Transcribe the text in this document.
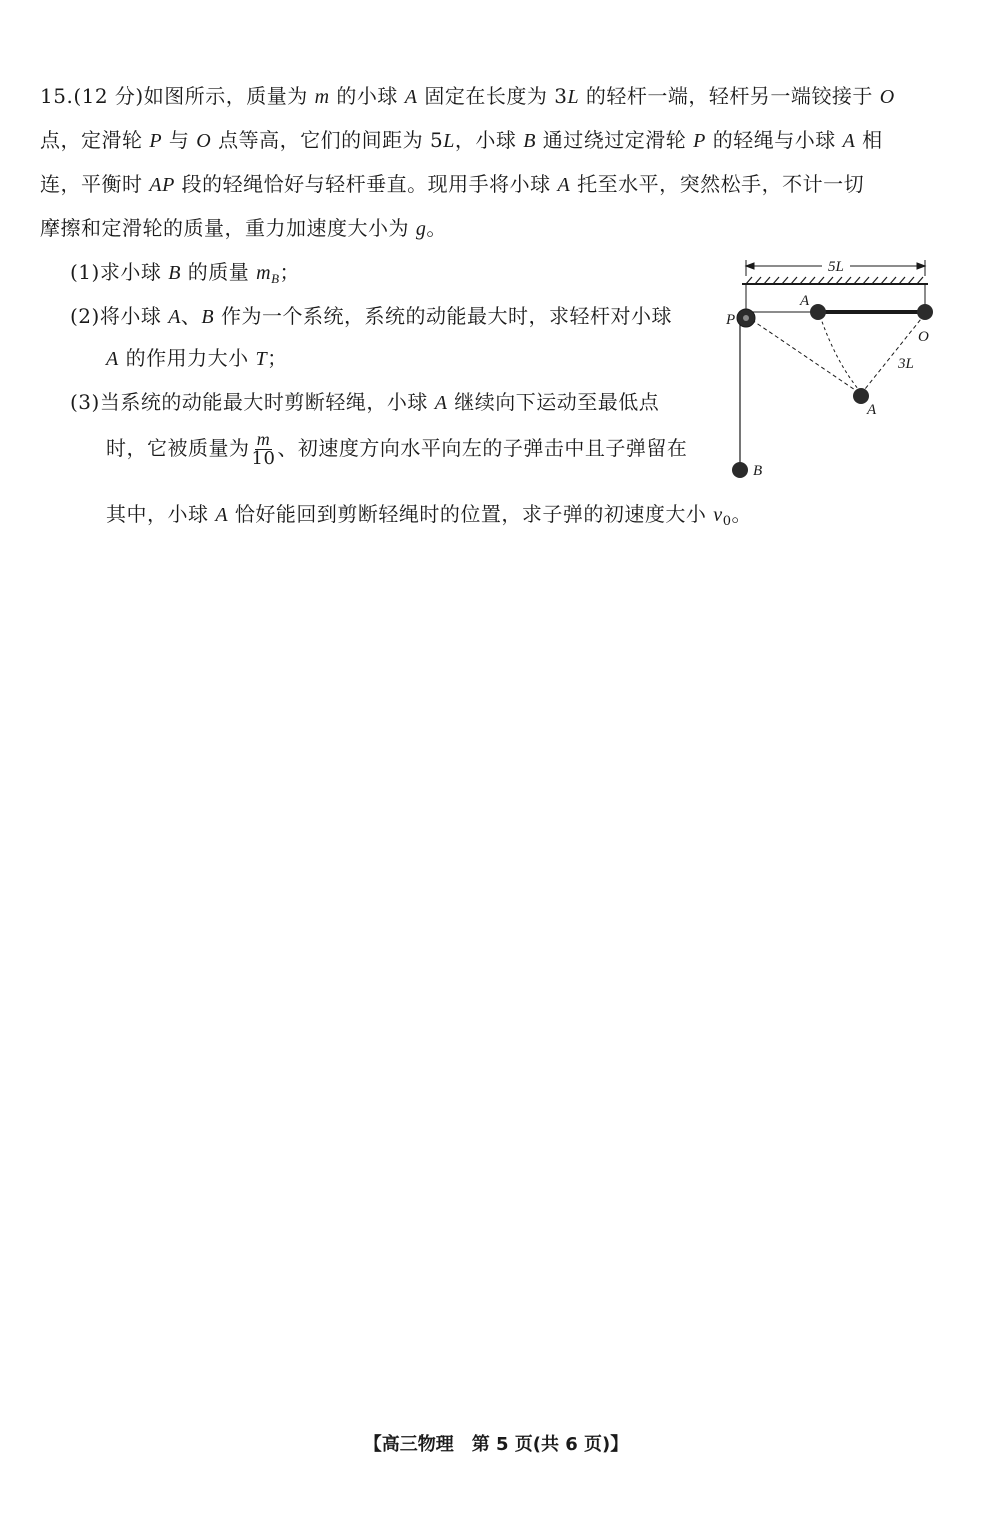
15.(12 分)如图所示，质量为 m 的小球 A 固定在长度为 3L 的轻杆一端，轻杆另一端铰接于 O
点，定滑轮 P 与 O 点等高，它们的间距为 5L，小球 B 通过绕过定滑轮 P 的轻绳与小球 A 相
连，平衡时 AP 段的轻绳恰好与轻杆垂直。现用手将小球 A 托至水平，突然松手，不计一切
摩擦和定滑轮的质量，重力加速度大小为 g。
(1)求小球 B 的质量 $m_B$；
(2)将小球 A、B 作为一个系统，系统的动能最大时，求轻杆对小球
A 的作用力大小 T；
(3)当系统的动能最大时剪断轻绳，小球 A 继续向下运动至最低点
时，它被质量为 $\frac{m}{10}$ 、初速度方向水平向左的子弹击中且子弹留在
其中，小球 A 恰好能回到剪断轻绳时的位置，求子弹的初速度大小 $v_0$。
5L
P
A
O
3L
A
B
【高三物理　第 5 页(共 6 页)】
